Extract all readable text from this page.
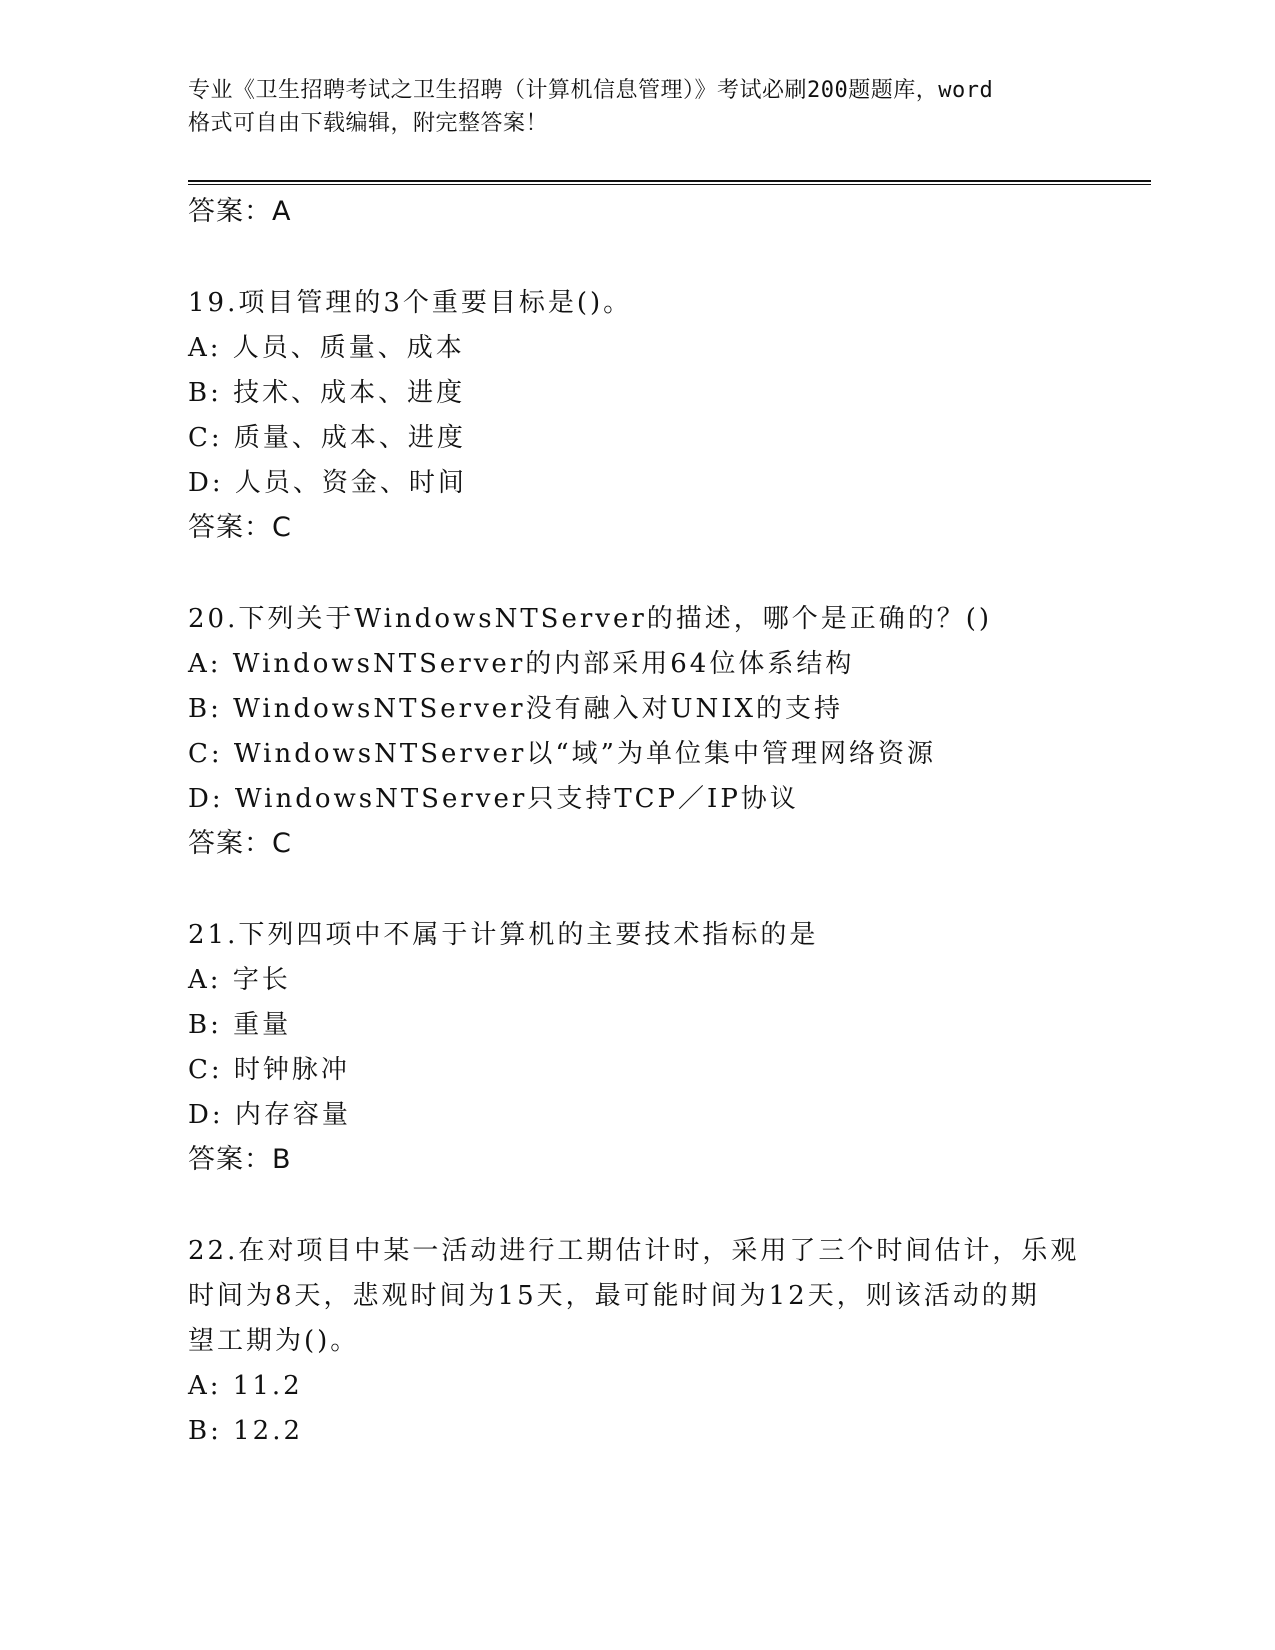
专业《卫生招聘考试之卫生招聘（计算机信息管理）》考试必刷200题题库，word
格式可自由下载编辑，附完整答案！
答案：A
19.项目管理的3个重要目标是()。
A: 人员、质量、成本
B: 技术、成本、进度
C: 质量、成本、进度
D: 人员、资金、时间
答案：C
20.下列关于WindowsNTServer的描述，哪个是正确的？()
A: WindowsNTServer的内部采用64位体系结构
B: WindowsNTServer没有融入对UNIX的支持
C: WindowsNTServer以“域”为单位集中管理网络资源
D: WindowsNTServer只支持TCP／IP协议
答案：C
21.下列四项中不属于计算机的主要技术指标的是
A: 字长
B: 重量
C: 时钟脉冲
D: 内存容量
答案：B
22.在对项目中某一活动进行工期估计时，采用了三个时间估计，乐观
时间为8天，悲观时间为15天，最可能时间为12天，则该活动的期
望工期为()。
A: 11.2
B: 12.2
